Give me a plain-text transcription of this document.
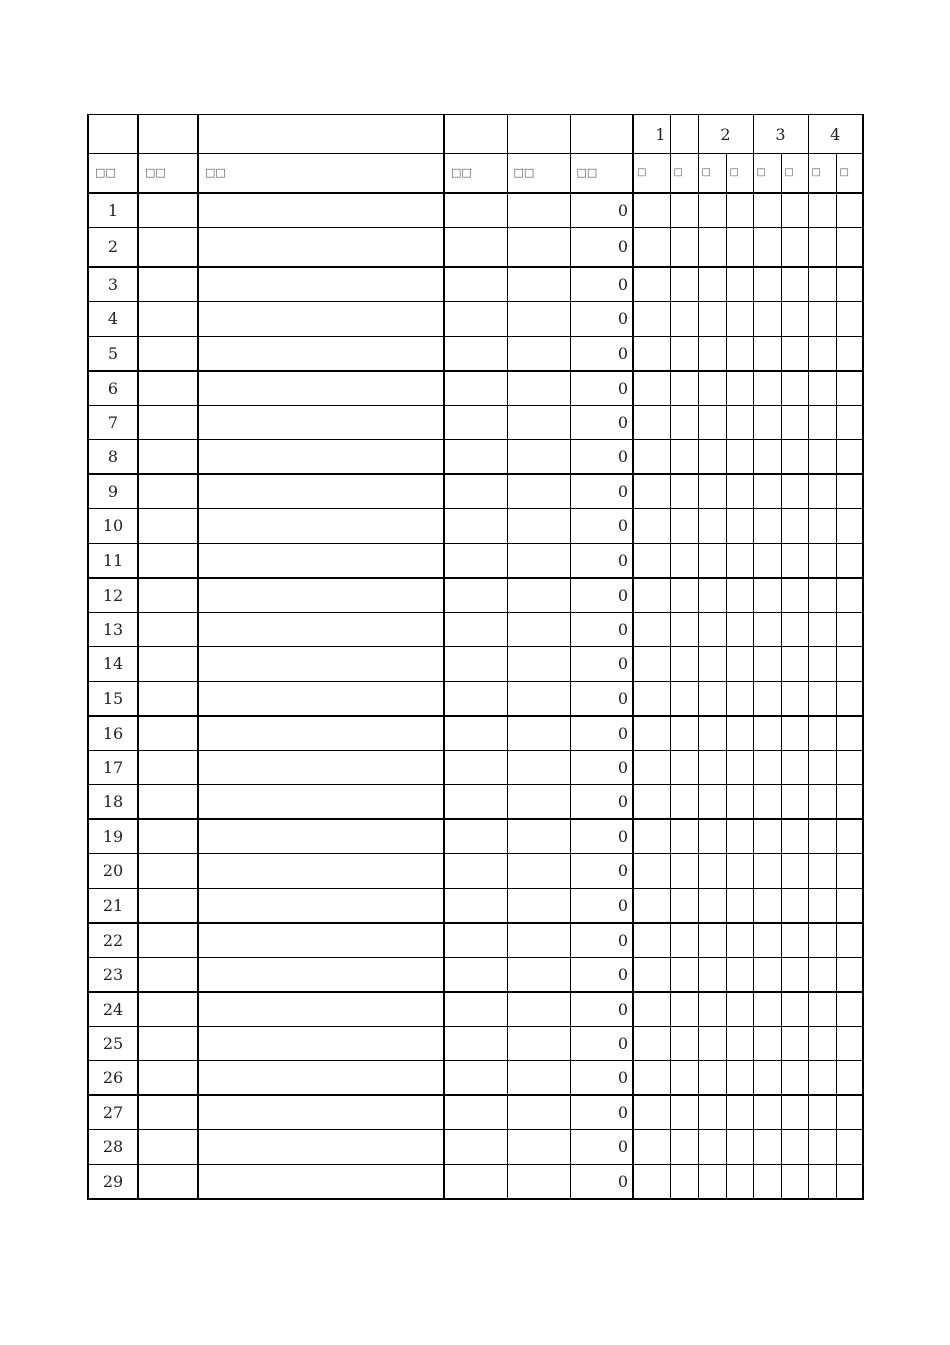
						1		2		3		4	
□□	□□	□□	□□	□□	□□	□	□	□	□	□	□	□	□
1					0								
2					0								
3					0								
4					0								
5					0								
6					0								
7					0								
8					0								
9					0								
10					0								
11					0								
12					0								
13					0								
14					0								
15					0								
16					0								
17					0								
18					0								
19					0								
20					0								
21					0								
22					0								
23					0								
24					0								
25					0								
26					0								
27					0								
28					0								
29					0								
